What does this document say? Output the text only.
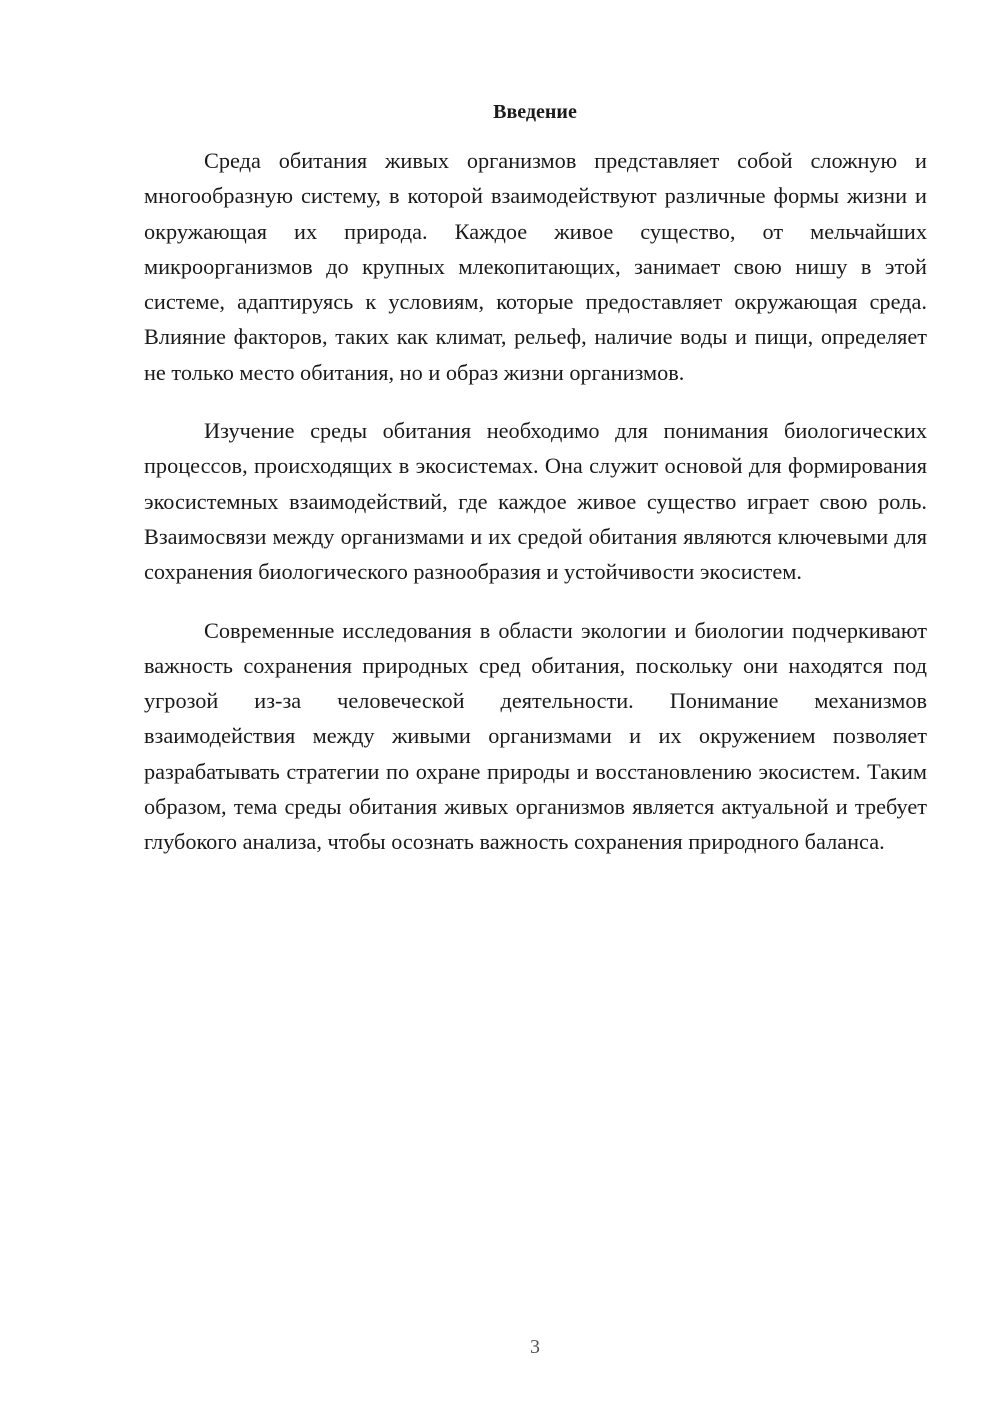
Введение

Среда обитания живых организмов представляет собой сложную и многообразную систему, в которой взаимодействуют различные формы жизни и окружающая их природа. Каждое живое существо, от мельчайших микроорганизмов до крупных млекопитающих, занимает свою нишу в этой системе, адаптируясь к условиям, которые предоставляет окружающая среда. Влияние факторов, таких как климат, рельеф, наличие воды и пищи, определяет не только место обитания, но и образ жизни организмов.

Изучение среды обитания необходимо для понимания биологических процессов, происходящих в экосистемах. Она служит основой для формирования экосистемных взаимодействий, где каждое живое существо играет свою роль. Взаимосвязи между организмами и их средой обитания являются ключевыми для сохранения биологического разнообразия и устойчивости экосистем.

Современные исследования в области экологии и биологии подчеркивают важность сохранения природных сред обитания, поскольку они находятся под угрозой из-за человеческой деятельности. Понимание механизмов взаимодействия между живыми организмами и их окружением позволяет разрабатывать стратегии по охране природы и восстановлению экосистем. Таким образом, тема среды обитания живых организмов является актуальной и требует глубокого анализа, чтобы осознать важность сохранения природного баланса.

3
